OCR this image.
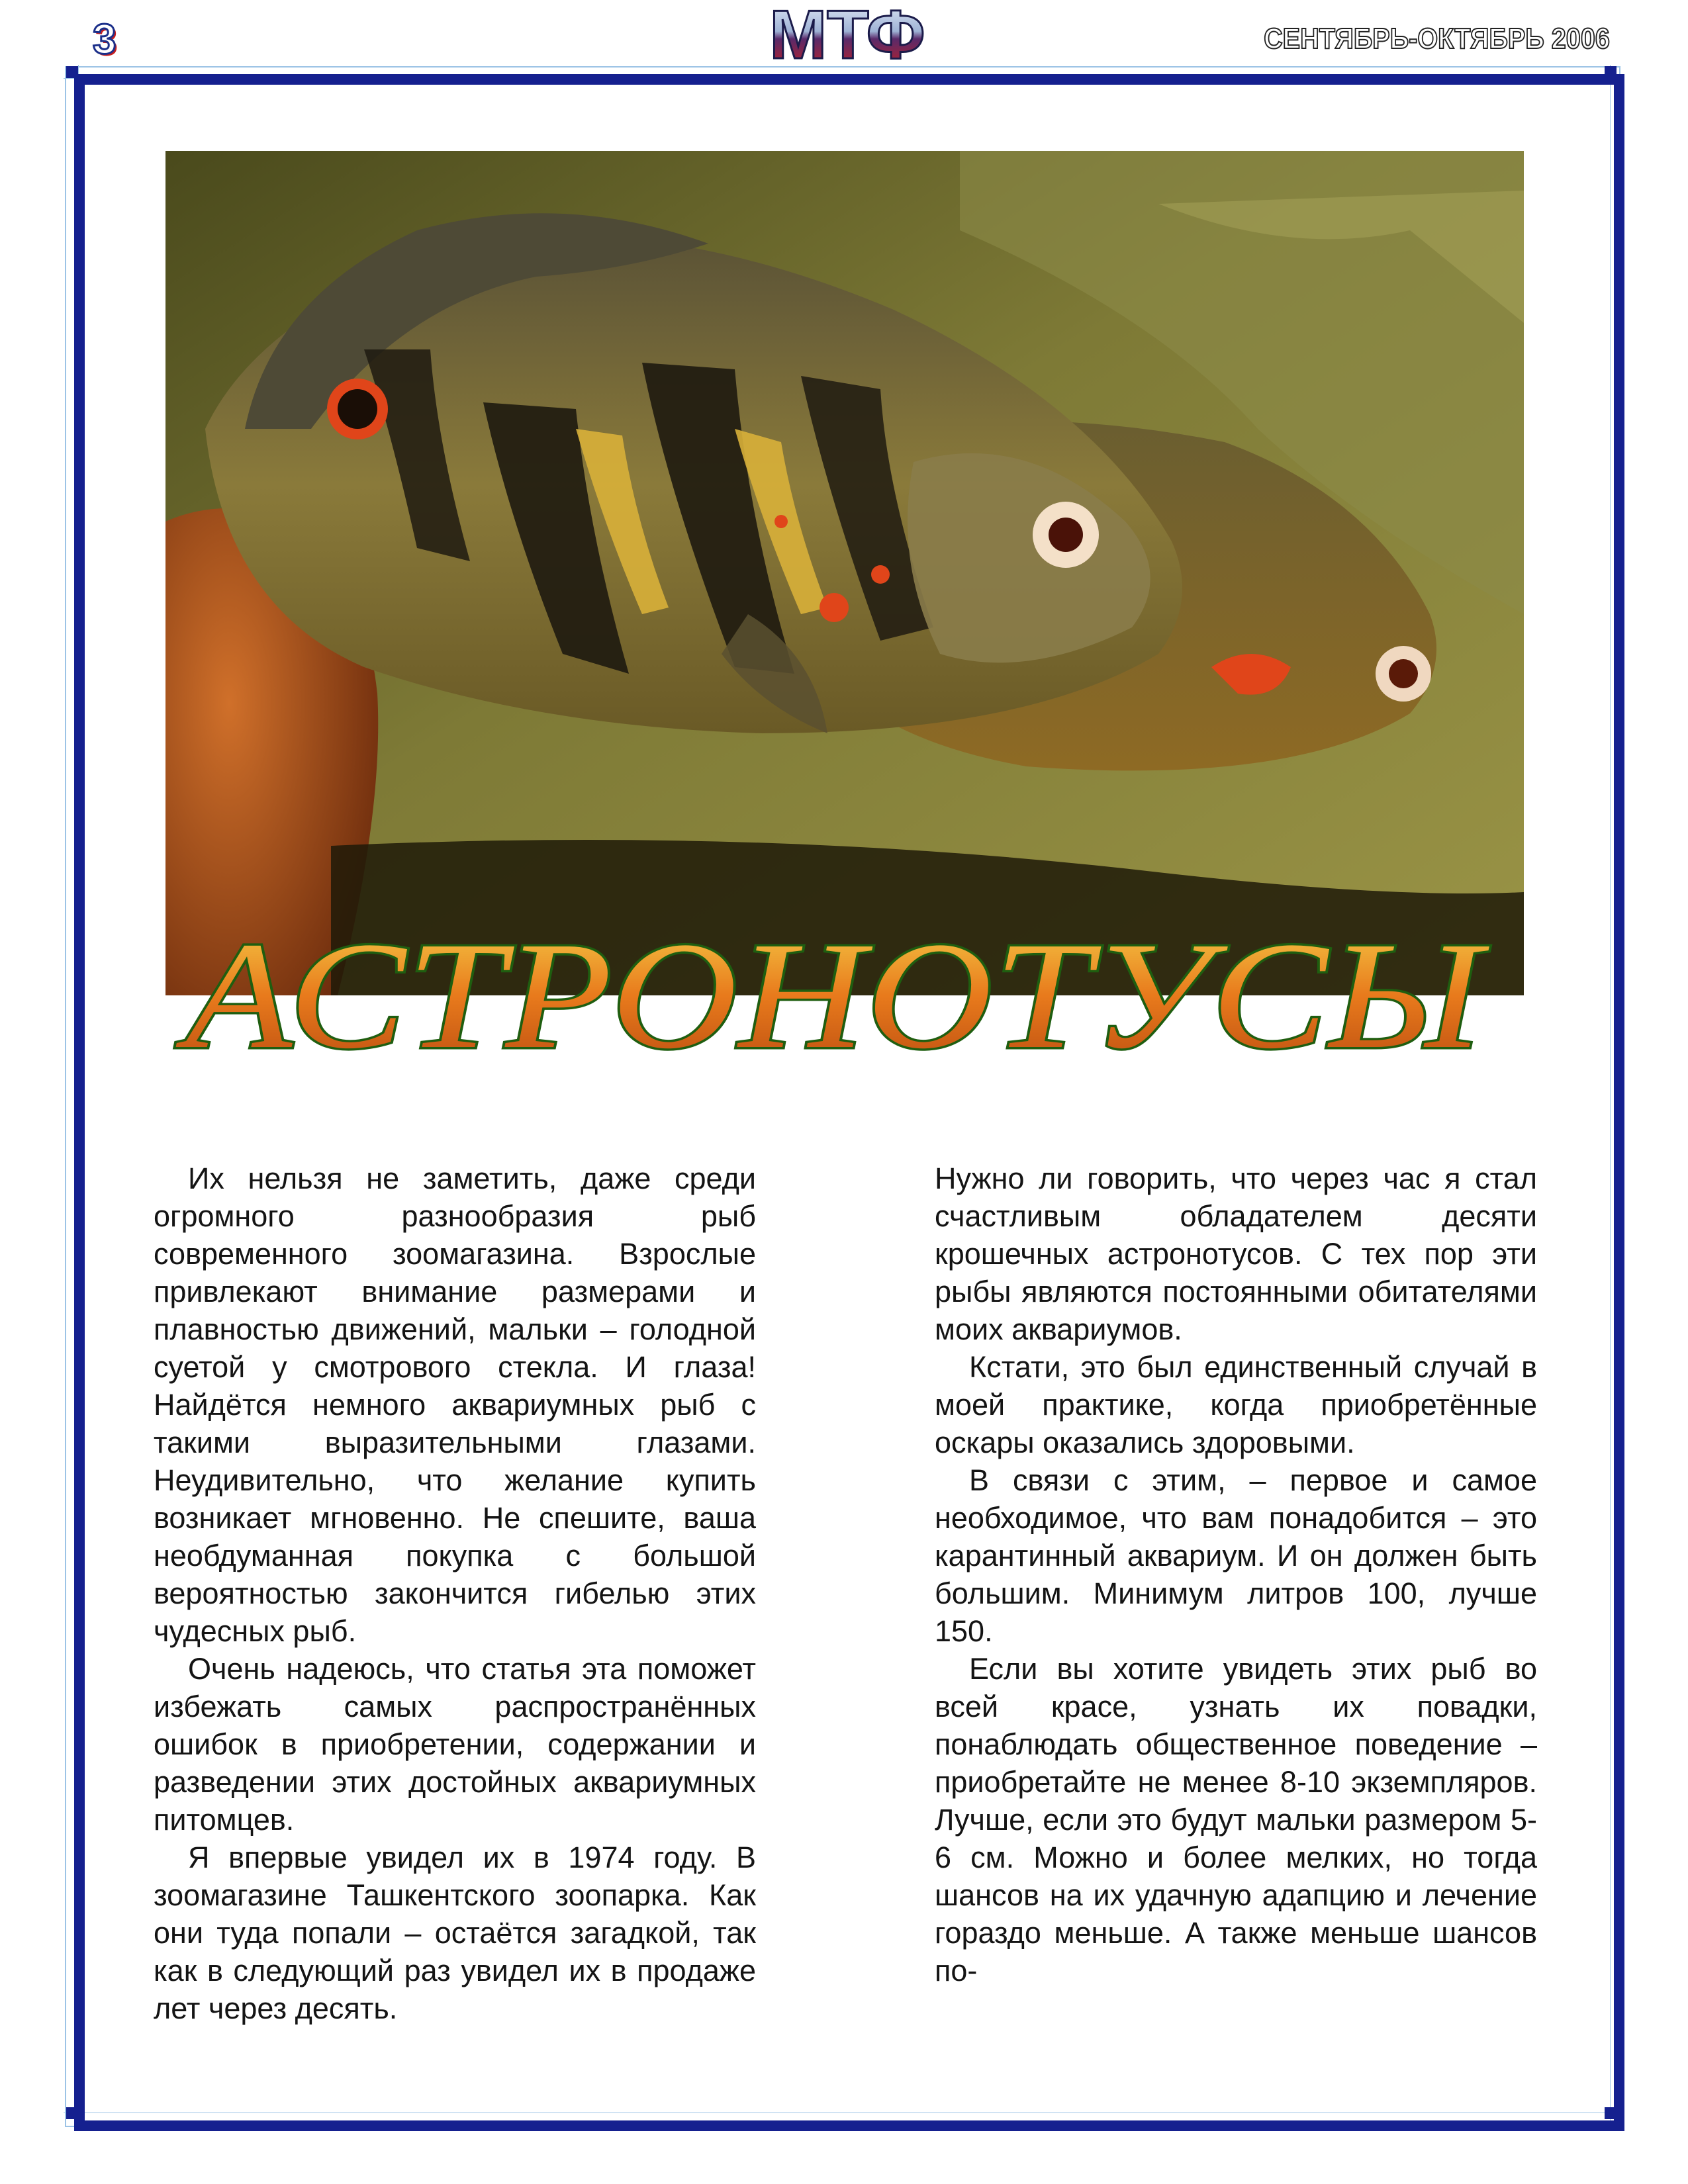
3	МТФ	СЕНТЯБРЬ-ОКТЯБРЬ 2006
АСТРОНОТУСЫ

Их нельзя не заметить, даже среди огромного разнообразия рыб современного зоомагазина. Взрослые привлекают внимание размерами и плавностью движений, мальки – голодной суетой у смотрового стекла. И глаза! Найдётся немного аквариумных рыб с такими выразительными глазами. Неудивительно, что желание купить возникает мгновенно. Не спешите, ваша необдуманная покупка с большой вероятностью закончится гибелью этих чудесных рыб.

Очень надеюсь, что статья эта поможет избежать самых распространённых ошибок в приобретении, содержании и разведении этих достойных аквариумных питомцев.

Я впервые увидел их в 1974 году. В зоомагазине Ташкентского зоопарка. Как они туда попали – остаётся загадкой, так как в следующий раз увидел их в продаже лет через десять.

Нужно ли говорить, что через час я стал счастливым обладателем десяти крошечных астронотусов. С тех пор эти рыбы являются постоянными обитателями моих аквариумов.

Кстати, это был единственный случай в моей практике, когда приобретённые оскары оказались здоровыми.

В связи с этим, – первое и самое необходимое, что вам понадобится – это карантинный аквариум. И он должен быть большим. Минимум литров 100, лучше 150.

Если вы хотите увидеть этих рыб во всей красе, узнать их повадки, понаблюдать общественное поведение – приобретайте не менее 8-10 экземпляров. Лучше, если это будут мальки размером 5-6 см. Можно и более мелких, но тогда шансов на их удачную адапцию и лечение гораздо меньше. А также меньше шансов по-
